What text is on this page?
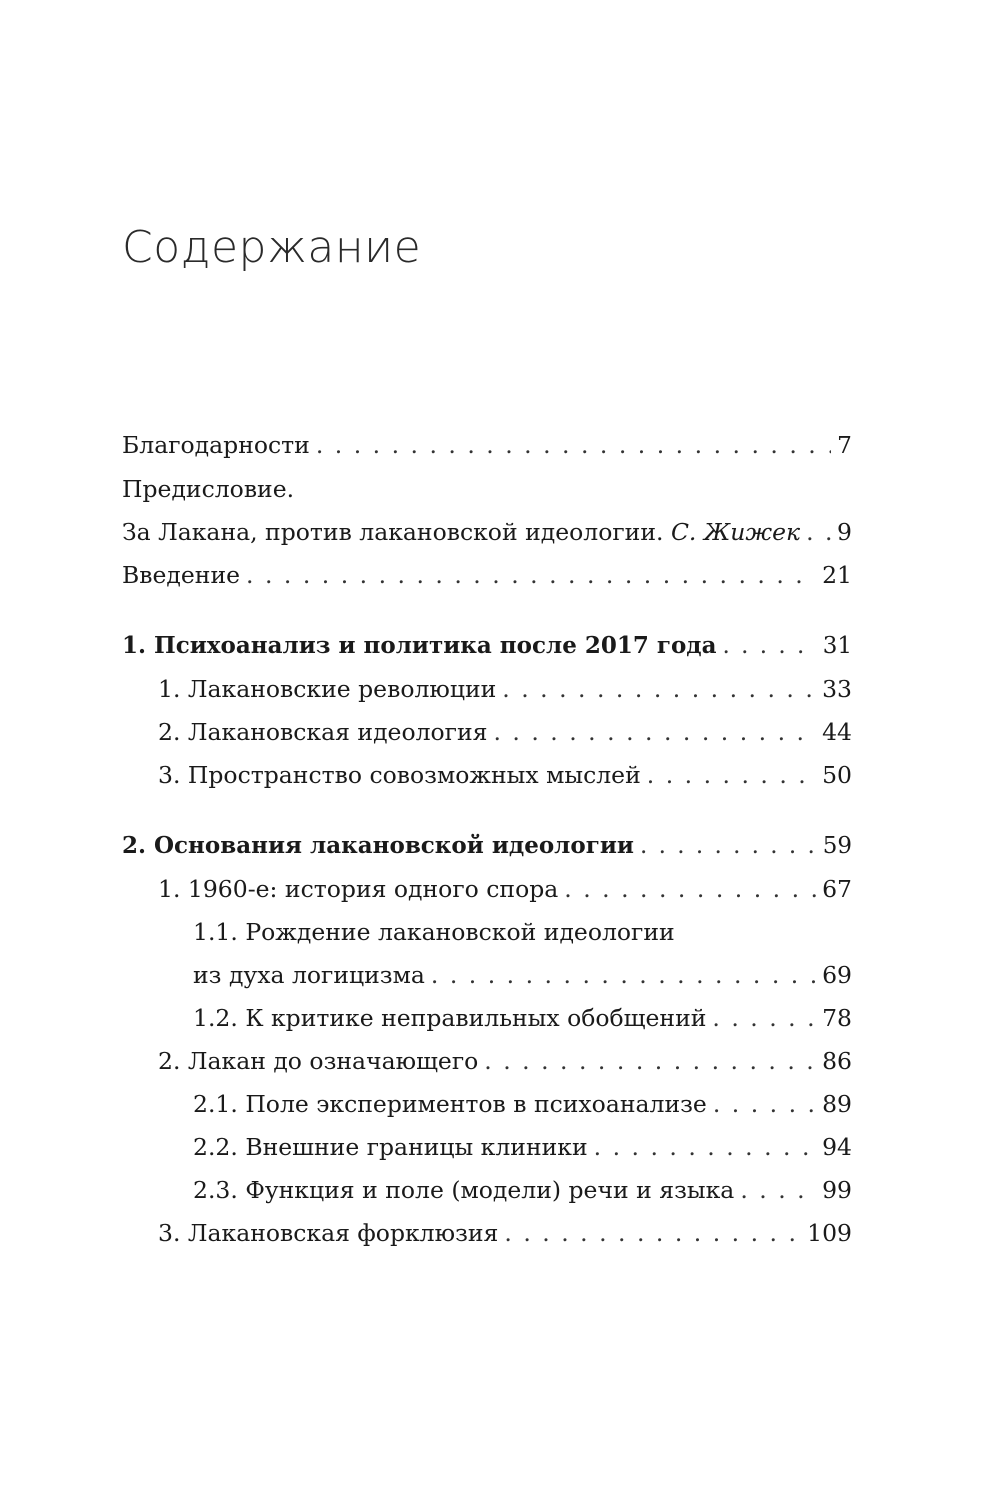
Содержание
Благодарности . . .	7
Предисловие.
За Лакана, против лакановской идеологии. С. Жижек . . . 9
Введение . . .	21
1. Психоанализ и политика после 2017 года . . .	31
1. Лакановские революции . . .	33
2. Лакановская идеология . . .	44
3. Пространство совозможных мыслей . . .	50
2. Основания лакановской идеологии . . .	59
1. 1960-е: история одного спора . . .	67
1.1. Рождение лакановской идеологии
из духа логицизма . . .	69
1.2. К критике неправильных обобщений . . .	78
2. Лакан до означающего . . .	86
2.1. Поле экспериментов в психоанализе . . .	89
2.2. Внешние границы клиники . . .	94
2.3. Функция и поле (модели) речи и языка . . .	99
3. Лакановская форклюзия . . .	109
